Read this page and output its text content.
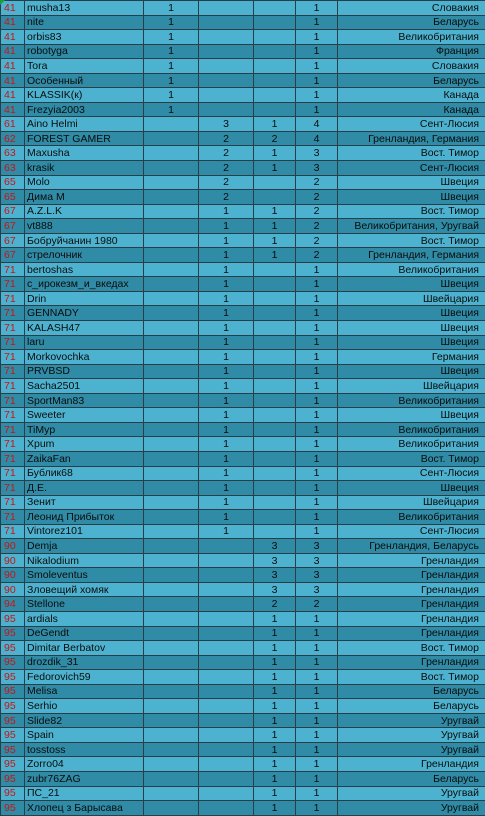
41	musha13	1			1	Словакия
41	nite	1			1	Беларусь
41	orbis83	1			1	Великобритания
41	robotyga	1			1	Франция
41	Tora	1			1	Словакия
41	Особенный	1			1	Беларусь
41	KLASSIK(к)	1			1	Канада
41	Frezyia2003	1			1	Канада
61	Aino Helmi		3	1	4	Сент-Люсия
62	FOREST GAMER		2	2	4	Гренландия, Германия
63	Maxusha		2	1	3	Вост. Тимор
63	krasik		2	1	3	Сент-Люсия
65	Molo		2		2	Швеция
65	Дима М		2		2	Швеция
67	A.Z.L.K		1	1	2	Вост. Тимор
67	vt888		1	1	2	Великобритания, Уругвай
67	Бобруйчанин 1980		1	1	2	Вост. Тимор
67	стрелочник		1	1	2	Гренландия, Германия
71	bertoshas		1		1	Великобритания
71	с_ирокезм_и_вкедах		1		1	Швеция
71	Drin		1		1	Швейцария
71	GENNADY		1		1	Швеция
71	KALASH47		1		1	Швеция
71	laru		1		1	Швеция
71	Morkovochka		1		1	Германия
71	PRVBSD		1		1	Швеция
71	Sacha2501		1		1	Швейцария
71	SportMan83		1		1	Великобритания
71	Sweeter		1		1	Швеция
71	TiMyp		1		1	Великобритания
71	Xpum		1		1	Великобритания
71	ZaikaFan		1		1	Вост. Тимор
71	Бублик68		1		1	Сент-Люсия
71	Д.Е.		1		1	Швеция
71	Зенит		1		1	Швейцария
71	Леонид Прибыток		1		1	Великобритания
71	Vintorez101		1		1	Сент-Люсия
90	Demja			3	3	Гренландия, Беларусь
90	Nikalodium			3	3	Гренландия
90	Smoleventus			3	3	Гренландия
90	Зловещий хомяк			3	3	Гренландия
94	Stellone			2	2	Гренландия
95	ardials			1	1	Гренландия
95	DeGendt			1	1	Гренландия
95	Dimitar Berbatov			1	1	Вост. Тимор
95	drozdik_31			1	1	Гренландия
95	Fedorovich59			1	1	Вост. Тимор
95	Melisa			1	1	Беларусь
95	Serhio			1	1	Беларусь
95	Slide82			1	1	Уругвай
95	Spain			1	1	Уругвай
95	tosstoss			1	1	Уругвай
95	Zorro04			1	1	Гренландия
95	zubr76ZAG			1	1	Беларусь
95	ПС_21			1	1	Уругвай
95	Хлопец з Барысава			1	1	Уругвай
